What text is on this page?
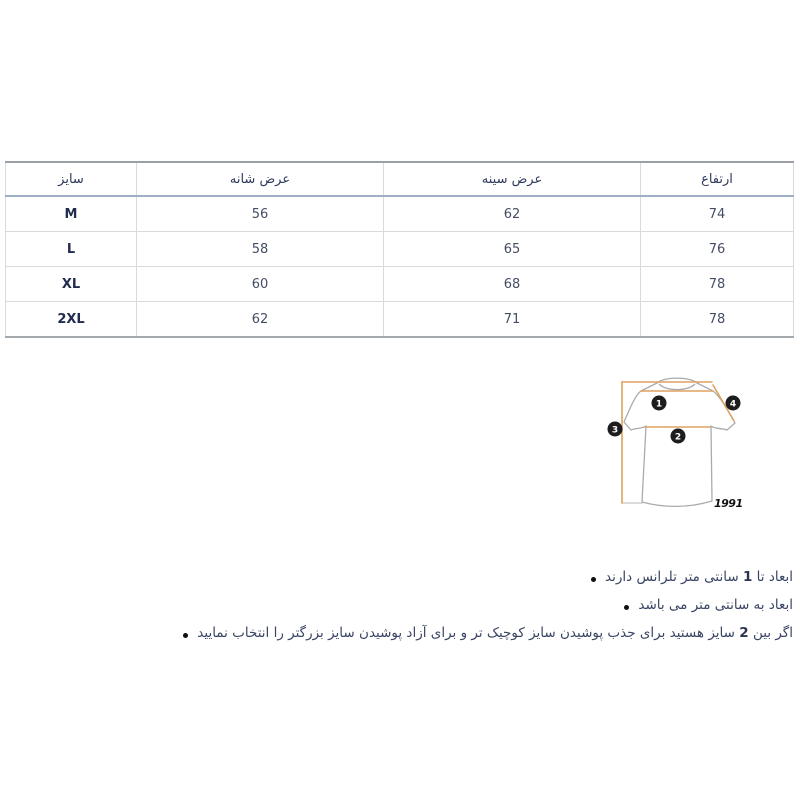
سایز	عرض شانه	عرض سینه	ارتفاع
M	56	62	74
L	58	65	76
XL	60	68	78
2XL	62	71	78
1
2
3
4
1991
ابعاد تا 1 سانتی متر تلرانس دارند
ابعاد به سانتی متر می باشد
اگر بین 2 سایز هستید برای جذب پوشیدن سایز کوچیک تر و برای آزاد پوشیدن سایز بزرگتر را انتخاب نمایید
